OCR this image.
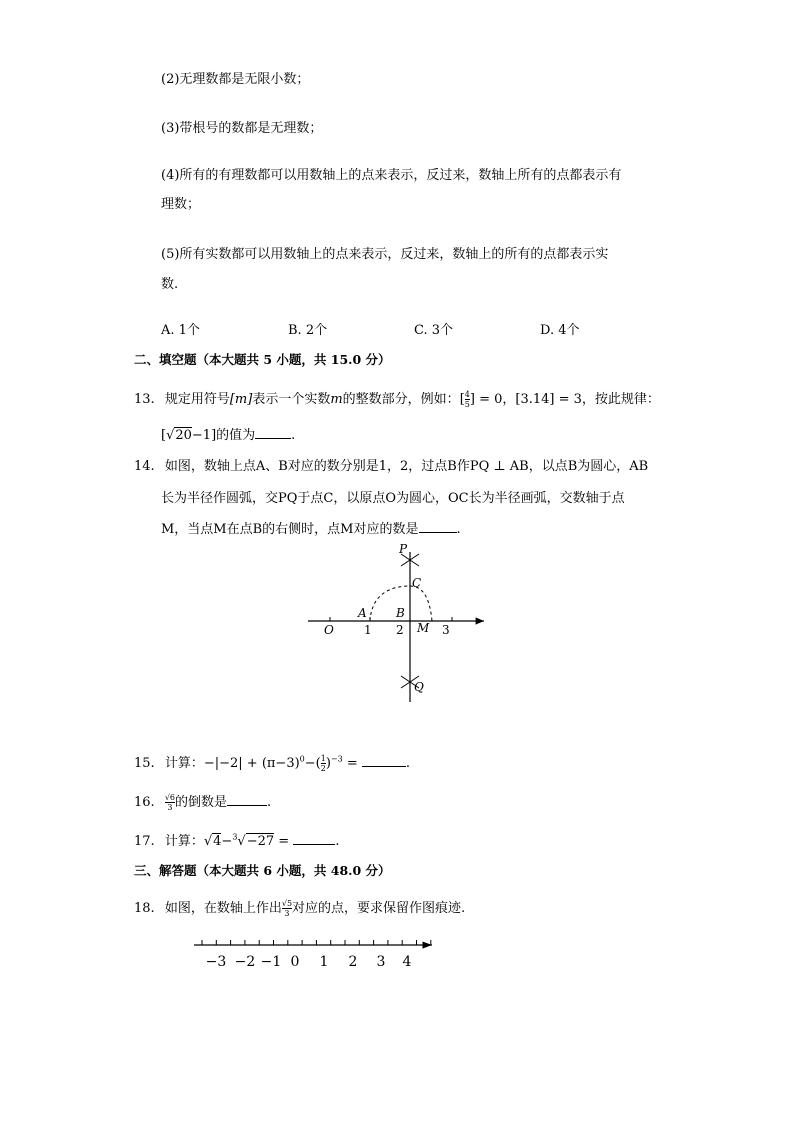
(2)无理数都是无限小数；
(3)带根号的数都是无理数；
(4)所有的有理数都可以用数轴上的点来表示，反过来，数轴上所有的点都表示有
理数；
(5)所有实数都可以用数轴上的点来表示，反过来，数轴上的所有的点都表示实
数.
A. 1个	B. 2个	C. 3个	D. 4个
二、填空题（本大题共 5 小题，共 15.0 分）
13. 规定用符号[m]表示一个实数m的整数部分，例如：[ $\frac{4}{5}$ ] = 0，[3.14] = 3，按此规律：
[√20−1]的值为	.
14. 如图，数轴上点A、B对应的数分别是1，2，过点B作PQ ⊥ AB，以点B为圆心，AB
长为半径作圆弧，交PQ于点C，以原点O为圆心，OC长为半径画弧，交数轴于点
M，当点M在点B的右侧时，点M对应的数是	.
P
C
A B
O	1 2 M 3
Q
15. 计算：$-|-2| + (\pi-3)^0-( \frac{1}{2} )^{-3}$ =	.
16. $\frac{√6}{3}$ 的倒数是	.
17. 计算：√4−$^3$√−27 =	.
三、解答题（本大题共 6 小题，共 48.0 分）
18. 如图，在数轴上作出 $\frac{√5}{3}$ 对应的点，要求保留作图痕迹.
−3 −2 −1 0 1 2 3 4
